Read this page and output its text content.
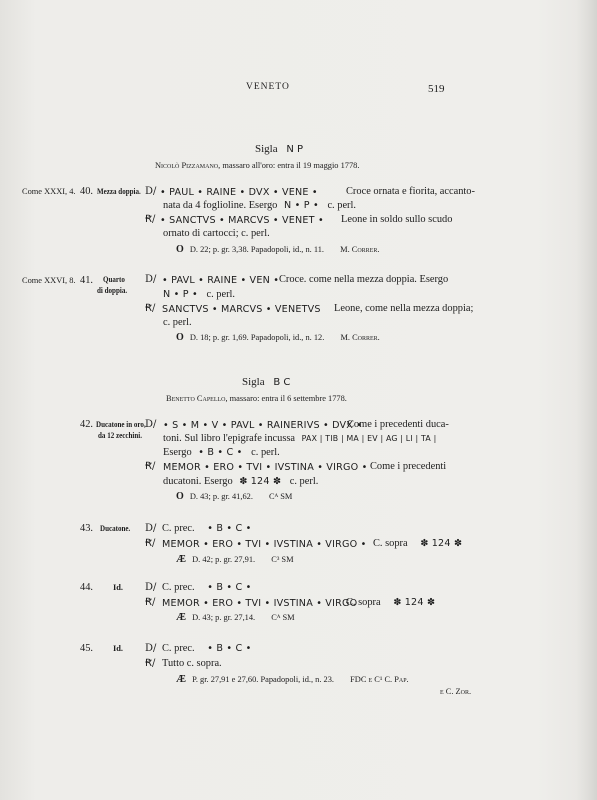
VENETO	519
Sigla N P
Nicolò Pizzamano, massaro all'oro: entra il 19 maggio 1778.
Come XXXI, 4. 40. Mezza doppia. D/ • PAUL • RAINE • DVX • VENE •	Croce ornata e fiorita, accanto-
nata da 4 foglioline. Esergo N • P • c. perl.
Ꞧ/ • SANCTVS • MARCVS • VENET • Leone in soldo sullo scudo
ornato di cartocci; c. perl.
O D. 22; p. gr. 3,38. Papadopoli, id., n. 11. M. Correr.
Come XXVI, 8. 41. Quarto
di doppia.
D/ • PAVL • RAINE • VEN • Croce. come nella mezza doppia. Esergo
N • P • c. perl.
Ꞧ/ SANCTVS • MARCVS • VENETVS Leone, come nella mezza doppia;
c. perl.
O D. 18; p. gr. 1,69. Papadopoli, id., n. 12. M. Correr.
Sigla B C
Benetto Capello, massaro: entra il 6 settembre 1778.
42. Ducatone in oro,
da 12 zecchini.
D/ • S • M • V • PAVL • RAINERIVS • DVX •
Come i precedenti duca-
toni. Sul libro l'epigrafe incussa PAX | TIB | MA | EV | AG | LI | TA |
Esergo • B • C • c. perl.
Ꞧ/ MEMOR • ERO • TVI • IVSTINA • VIRGO • Come i precedenti
ducatoni. Esergo ✽ 124 ✽ c. perl.
O D. 43; p. gr. 41,62. Cᴬ SM
43. Ducatone.	D/ C. prec. • B • C •
Ꞧ/ MEMOR • ERO • TVI • IVSTINA • VIRGO • C. sopra ✽ 124 ✽
Æ D. 42; p. gr. 27,91. C³ SM
44. Id. D/ C. prec. • B • C •
Ꞧ/ MEMOR • ERO • TVI • IVSTINA • VIRGO
C. sopra ✽ 124 ✽
Æ D. 43; p. gr. 27,14. Cᴬ SM
45. Id. D/ C. prec. • B • C •
Ꞧ/ Tutto c. sopra.
Æ P. gr. 27,91 e 27,60. Papadopoli, id., n. 23. FDC e C¹ C. Pap.
e C. Zor.
